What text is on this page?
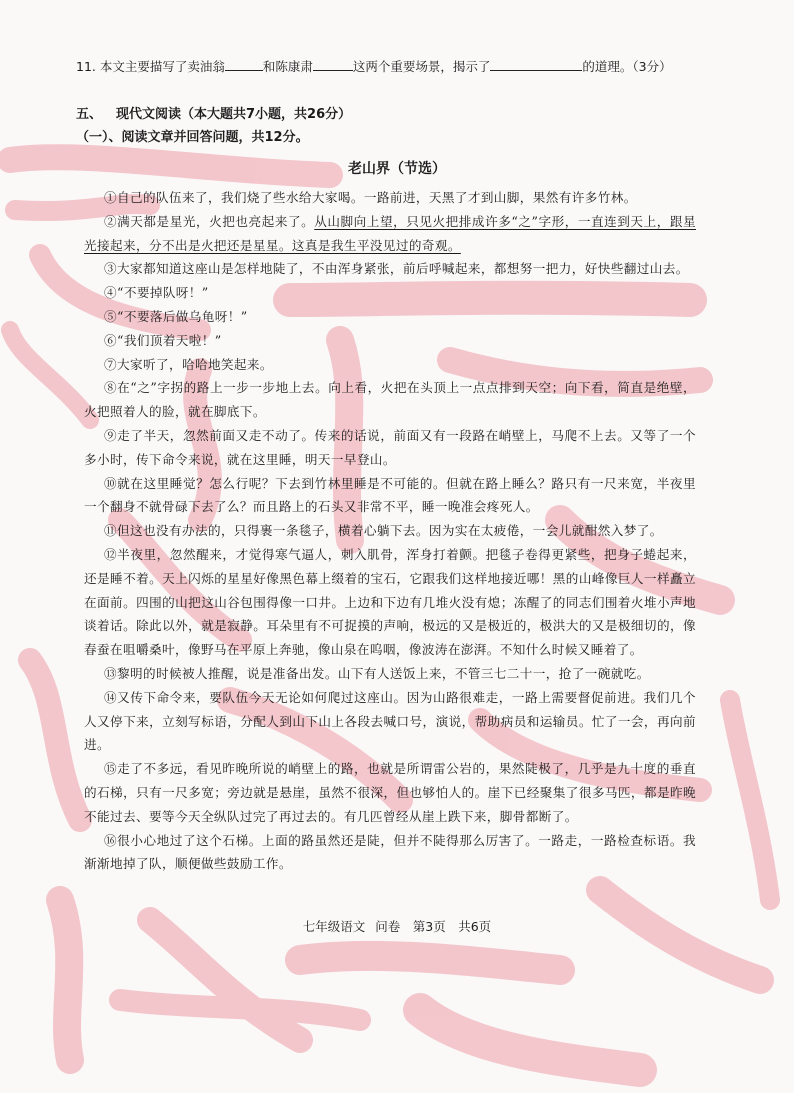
11. 本文主要描写了卖油翁	和陈康肃	这两个重要场景，揭示了	的道理。（3分）
五、 现代文阅读（本大题共7小题，共26分）
（一）、阅读文章并回答问题，共12分。
老山界（节选）

①自己的队伍来了，我们烧了些水给大家喝。一路前进，天黑了才到山脚，果然有许多竹林。

②满天都是星光，火把也亮起来了。从山脚向上望，只见火把排成许多“之”字形，一直连到天上，跟星光接起来，分不出是火把还是星星。这真是我生平没见过的奇观。

③大家都知道这座山是怎样地陡了，不由浑身紧张，前后呼喊起来，都想努一把力，好快些翻过山去。

④“不要掉队呀！”

⑤“不要落后做乌龟呀！”

⑥“我们顶着天啦！”

⑦大家听了，哈哈地笑起来。

⑧在“之”字拐的路上一步一步地上去。向上看，火把在头顶上一点点排到天空；向下看，简直是绝壁，火把照着人的脸，就在脚底下。

⑨走了半天，忽然前面又走不动了。传来的话说，前面又有一段路在峭壁上，马爬不上去。又等了一个多小时，传下命令来说，就在这里睡，明天一早登山。

⑩就在这里睡觉？怎么行呢？下去到竹林里睡是不可能的。但就在路上睡么？路只有一尺来宽，半夜里一个翻身不就骨碌下去了么？而且路上的石头又非常不平，睡一晚准会疼死人。

⑪但这也没有办法的，只得裹一条毯子，横着心躺下去。因为实在太疲倦，一会儿就酣然入梦了。

⑫半夜里，忽然醒来，才觉得寒气逼人，刺入肌骨，浑身打着颤。把毯子卷得更紧些，把身子蜷起来，还是睡不着。天上闪烁的星星好像黑色幕上缀着的宝石，它跟我们这样地接近哪！黑的山峰像巨人一样矗立在面前。四围的山把这山谷包围得像一口井。上边和下边有几堆火没有熄；冻醒了的同志们围着火堆小声地谈着话。除此以外，就是寂静。耳朵里有不可捉摸的声响，极远的又是极近的，极洪大的又是极细切的，像春蚕在咀嚼桑叶，像野马在平原上奔驰，像山泉在呜咽，像波涛在澎湃。不知什么时候又睡着了。

⑬黎明的时候被人推醒，说是准备出发。山下有人送饭上来，不管三七二十一，抢了一碗就吃。

⑭又传下命令来，要队伍今天无论如何爬过这座山。因为山路很难走，一路上需要督促前进。我们几个人又停下来，立刻写标语，分配人到山下山上各段去喊口号，演说，帮助病员和运输员。忙了一会，再向前进。

⑮走了不多远，看见昨晚所说的峭壁上的路，也就是所谓雷公岩的，果然陡极了，几乎是九十度的垂直的石梯，只有一尺多宽；旁边就是悬崖，虽然不很深，但也够怕人的。崖下已经聚集了很多马匹，都是昨晚不能过去、要等今天全纵队过完了再过去的。有几匹曾经从崖上跌下来，脚骨都断了。

⑯很小心地过了这个石梯。上面的路虽然还是陡，但并不陡得那么厉害了。一路走，一路检查标语。我渐渐地掉了队，顺便做些鼓励工作。

七年级语文 问卷　第3页　共6页
